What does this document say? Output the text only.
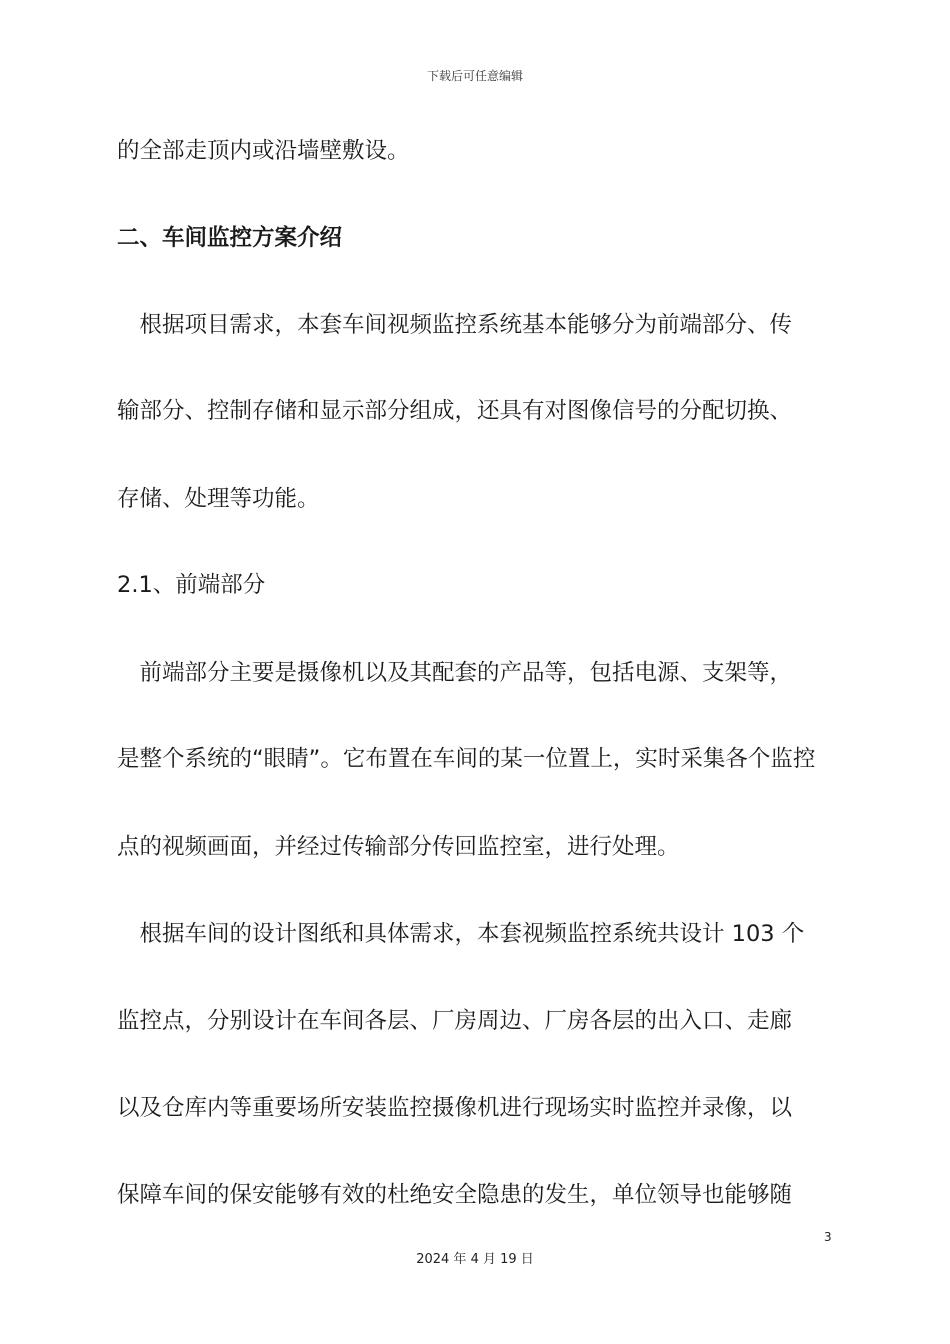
下载后可任意编辑
的全部走顶内或沿墙壁敷设。
二、车间监控方案介绍
　根据项目需求，本套车间视频监控系统基本能够分为前端部分、传
输部分、控制存储和显示部分组成，还具有对图像信号的分配切换、
存储、处理等功能。
2.1、前端部分
　前端部分主要是摄像机以及其配套的产品等，包括电源、支架等，
是整个系统的“眼睛”。它布置在车间的某一位置上，实时采集各个监控
点的视频画面，并经过传输部分传回监控室，进行处理。
　根据车间的设计图纸和具体需求，本套视频监控系统共设计 103 个
监控点，分别设计在车间各层、厂房周边、厂房各层的出入口、走廊
以及仓库内等重要场所安装监控摄像机进行现场实时监控并录像，以
保障车间的保安能够有效的杜绝安全隐患的发生，单位领导也能够随
3
2024 年 4 月 19 日
